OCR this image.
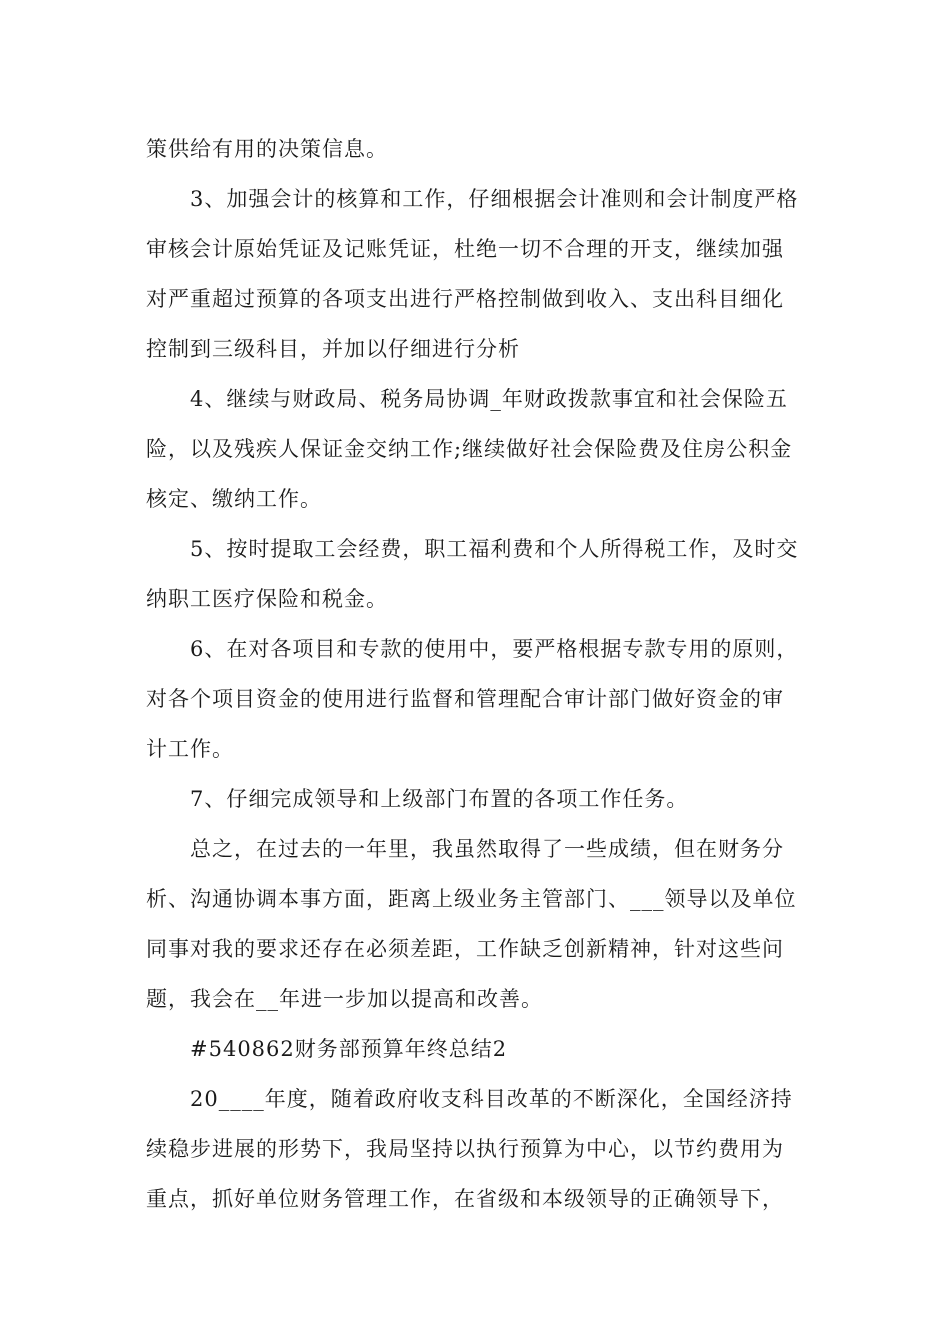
策供给有用的决策信息。
3、加强会计的核算和工作，仔细根据会计准则和会计制度严格
审核会计原始凭证及记账凭证，杜绝一切不合理的开支，继续加强
对严重超过预算的各项支出进行严格控制做到收入、支出科目细化
控制到三级科目，并加以仔细进行分析
4、继续与财政局、税务局协调_年财政拨款事宜和社会保险五
险，以及残疾人保证金交纳工作;继续做好社会保险费及住房公积金
核定、缴纳工作。
5、按时提取工会经费，职工福利费和个人所得税工作，及时交
纳职工医疗保险和税金。
6、在对各项目和专款的使用中，要严格根据专款专用的原则，
对各个项目资金的使用进行监督和管理配合审计部门做好资金的审
计工作。
7、仔细完成领导和上级部门布置的各项工作任务。
总之，在过去的一年里，我虽然取得了一些成绩，但在财务分
析、沟通协调本事方面，距离上级业务主管部门、___领导以及单位
同事对我的要求还存在必须差距，工作缺乏创新精神，针对这些问
题，我会在__年进一步加以提高和改善。
#540862财务部预算年终总结2
20____年度，随着政府收支科目改革的不断深化，全国经济持
续稳步进展的形势下，我局坚持以执行预算为中心，以节约费用为
重点，抓好单位财务管理工作，在省级和本级领导的正确领导下，
